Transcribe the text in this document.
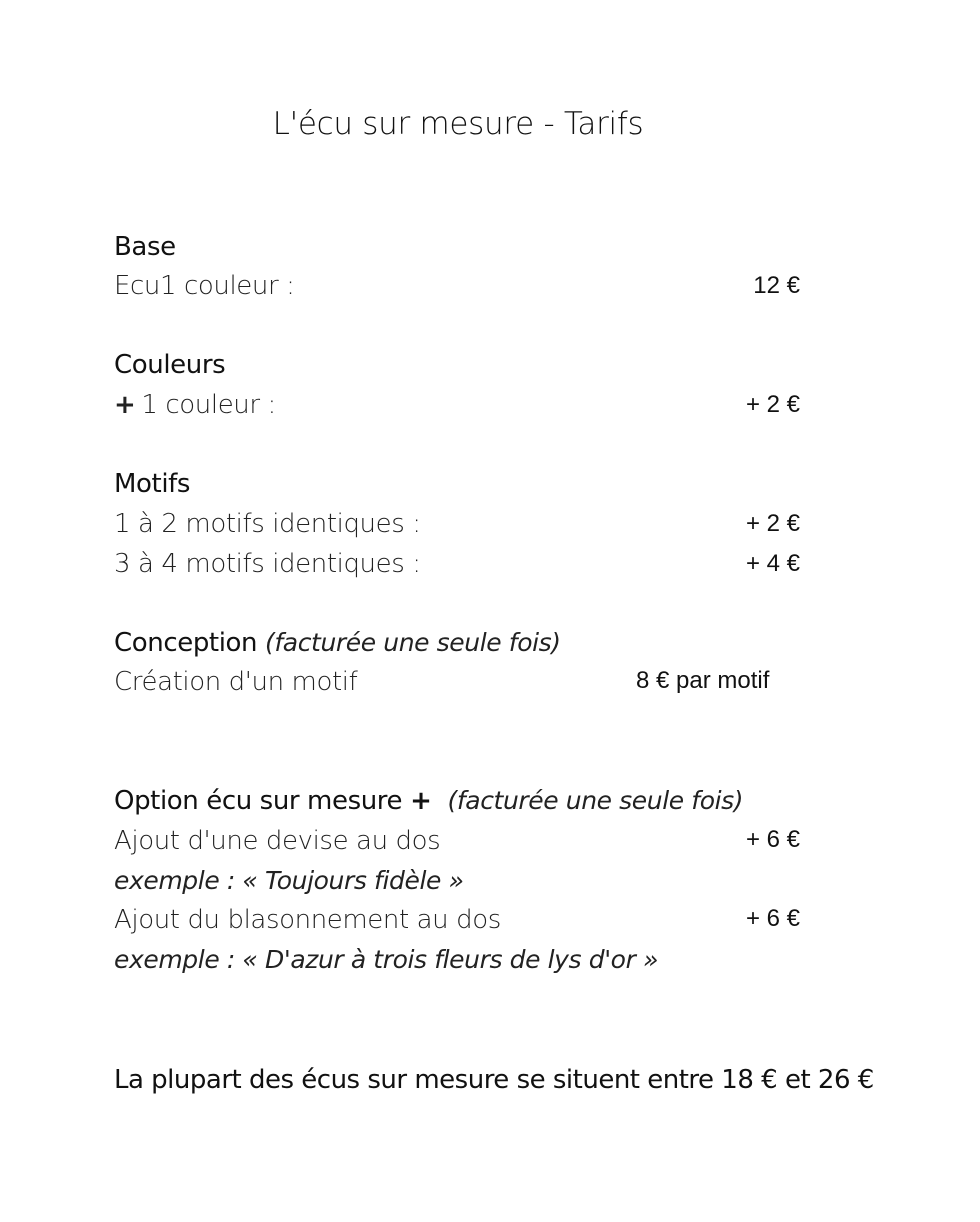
L'écu sur mesure - Tarifs
Base
Ecu1 couleur :	12 €
Couleurs
+ 1 couleur :	+ 2 €
Motifs
1 à 2 motifs identiques :	+ 2 €
3 à 4 motifs identiques :	+ 4 €
Conception (facturée une seule fois)
Création d'un motif	8 € par motif
Option écu sur mesure + (facturée une seule fois)
Ajout d'une devise au dos	+ 6 €
exemple : « Toujours fidèle »
Ajout du blasonnement au dos	+ 6 €
exemple : « D'azur à trois fleurs de lys d'or »
La plupart des écus sur mesure se situent entre 18 € et 26 €
